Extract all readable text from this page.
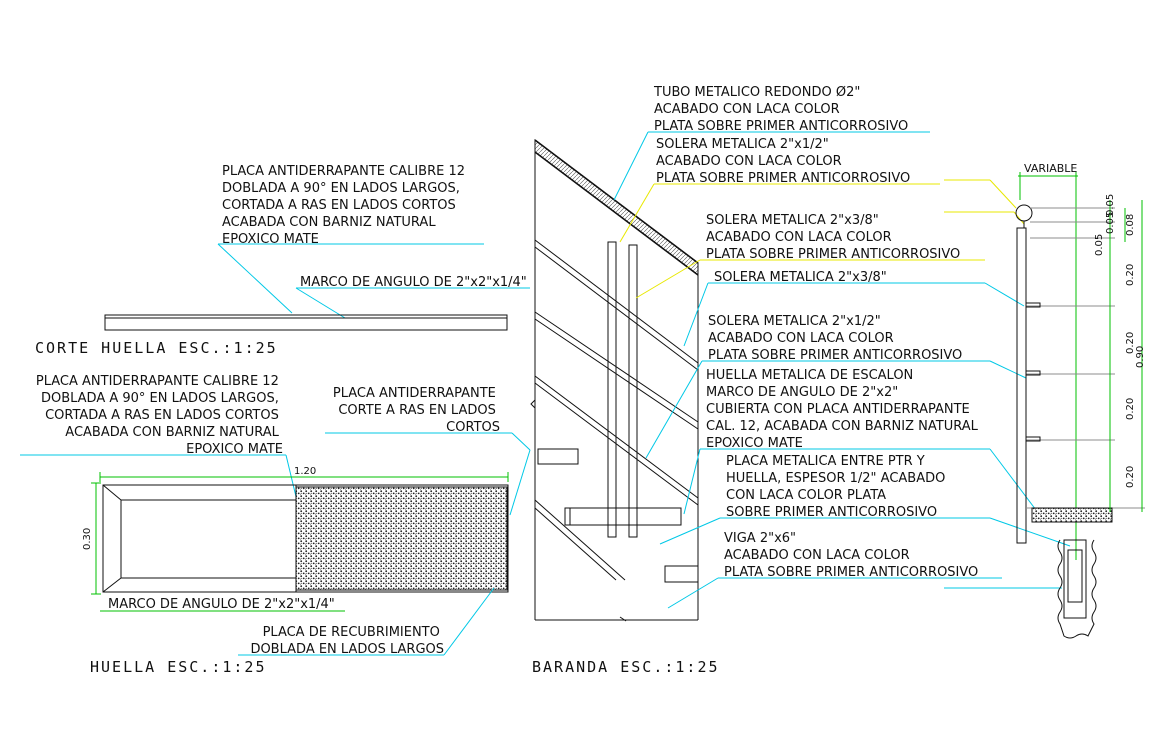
PLACA ANTIDERRAPANTE CALIBRE 12 DOBLADA A 90° EN LADOS LARGOS, CORTADA A RAS EN LADOS CORTOS ACABADA CON BARNIZ NATURAL EPOXICO MATE
MARCO DE ANGULO DE 2"x2"x1/4"
CORTE HUELLA ESC.:1:25
PLACA ANTIDERRAPANTE CALIBRE 12 DOBLADA A 90° EN LADOS LARGOS, CORTADA A RAS EN LADOS CORTOS ACABADA CON BARNIZ NATURAL EPOXICO MATE
PLACA ANTIDERRAPANTE CORTE A RAS EN LADOS CORTOS
1.20
0.30
MARCO DE ANGULO DE 2"x2"x1/4"
PLACA DE RECUBRIMIENTO DOBLADA EN LADOS LARGOS
HUELLA ESC.:1:25
TUBO METALICO REDONDO Ø2" ACABADO CON LACA COLOR PLATA SOBRE PRIMER ANTICORROSIVO
SOLERA METALICA 2"x1/2" ACABADO CON LACA COLOR PLATA SOBRE PRIMER ANTICORROSIVO
SOLERA METALICA 2"x3/8" ACABADO CON LACA COLOR PLATA SOBRE PRIMER ANTICORROSIVO
SOLERA METALICA 2"x3/8"
SOLERA METALICA 2"x1/2" ACABADO CON LACA COLOR PLATA SOBRE PRIMER ANTICORROSIVO
HUELLA METALICA DE ESCALON MARCO DE ANGULO DE 2"x2" CUBIERTA CON PLACA ANTIDERRAPANTE CAL. 12, ACABADA CON BARNIZ NATURAL EPOXICO MATE
PLACA METALICA ENTRE PTR Y HUELLA, ESPESOR 1/2" ACABADO CON LACA COLOR PLATA SOBRE PRIMER ANTICORROSIVO
VIGA 2"x6" ACABADO CON LACA COLOR PLATA SOBRE PRIMER ANTICORROSIVO
BARANDA ESC.:1:25
VARIABLE
0.05
0.05
0.05
0.08
0.20
0.20
0.20
0.20
0.90
